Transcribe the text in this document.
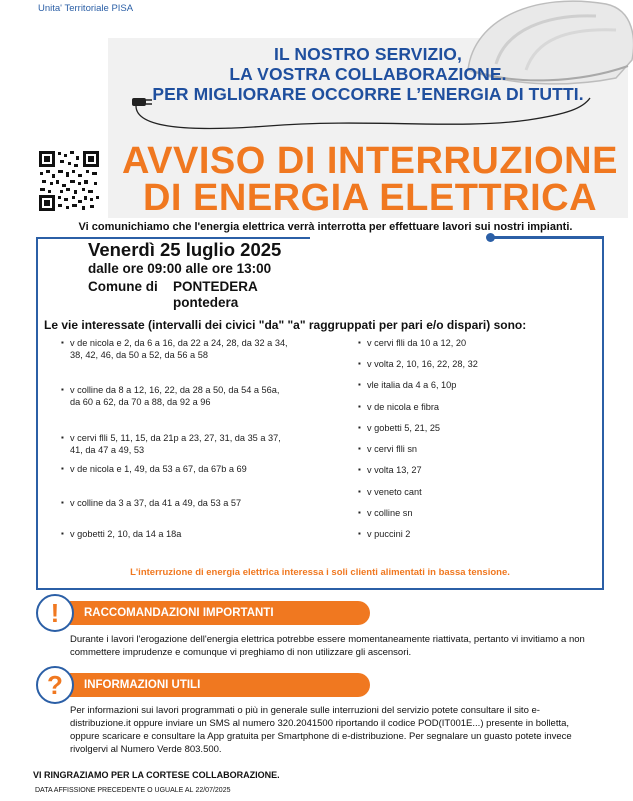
Unita' Territoriale PISA
IL NOSTRO SERVIZIO,
LA VOSTRA COLLABORAZIONE.
PER MIGLIORARE OCCORRE L’ENERGIA DI TUTTI.
AVVISO DI INTERRUZIONE
DI ENERGIA ELETTRICA
Vi comunichiamo che l'energia elettrica verrà interrotta per effettuare lavori sui nostri impianti.
Venerdì 25 luglio 2025
dalle ore 09:00 alle ore 13:00
Comune di PONTEDERA
pontedera
Le vie interessate (intervalli dei civici "da" "a" raggruppati per pari e/o dispari) sono:
▪ v de nicola e 2, da 6 a 16, da 22 a 24, 28, da 32 a 34, 38, 42, 46, da 50 a 52, da 56 a 58
▪ v colline da 8 a 12, 16, 22, da 28 a 50, da 54 a 56a, da 60 a 62, da 70 a 88, da 92 a 96
▪ v cervi flli 5, 11, 15, da 21p a 23, 27, 31, da 35 a 37, 41, da 47 a 49, 53
▪ v de nicola e 1, 49, da 53 a 67, da 67b a 69
▪ v colline da 3 a 37, da 41 a 49, da 53 a 57
▪ v gobetti 2, 10, da 14 a 18a
▪ v cervi flli da 10 a 12, 20
▪ v volta 2, 10, 16, 22, 28, 32
▪ vle italia da 4 a 6, 10p
▪ v de nicola e fibra
▪ v gobetti 5, 21, 25
▪ v cervi flli sn
▪ v volta 13, 27
▪ v veneto cant
▪ v colline sn
▪ v puccini 2
L'interruzione di energia elettrica interessa i soli clienti alimentati in bassa tensione.
RACCOMANDAZIONI IMPORTANTI
!
Durante i lavori l'erogazione dell'energia elettrica potrebbe essere momentaneamente riattivata, pertanto vi invitiamo a non commettere imprudenze e comunque vi preghiamo di non utilizzare gli ascensori.
INFORMAZIONI UTILI
?
Per informazioni sui lavori programmati o più in generale sulle interruzioni del servizio potete consultare il sito e-distribuzione.it oppure inviare un SMS al numero 320.2041500 riportando il codice POD(IT001E...) presente in bolletta, oppure scaricare e consultare la App gratuita per Smartphone di e-distribuzione. Per segnalare un guasto potete invece rivolgervi al Numero Verde 803.500.
VI RINGRAZIAMO PER LA CORTESE COLLABORAZIONE.
DATA AFFISSIONE PRECEDENTE O UGUALE AL 22/07/2025
